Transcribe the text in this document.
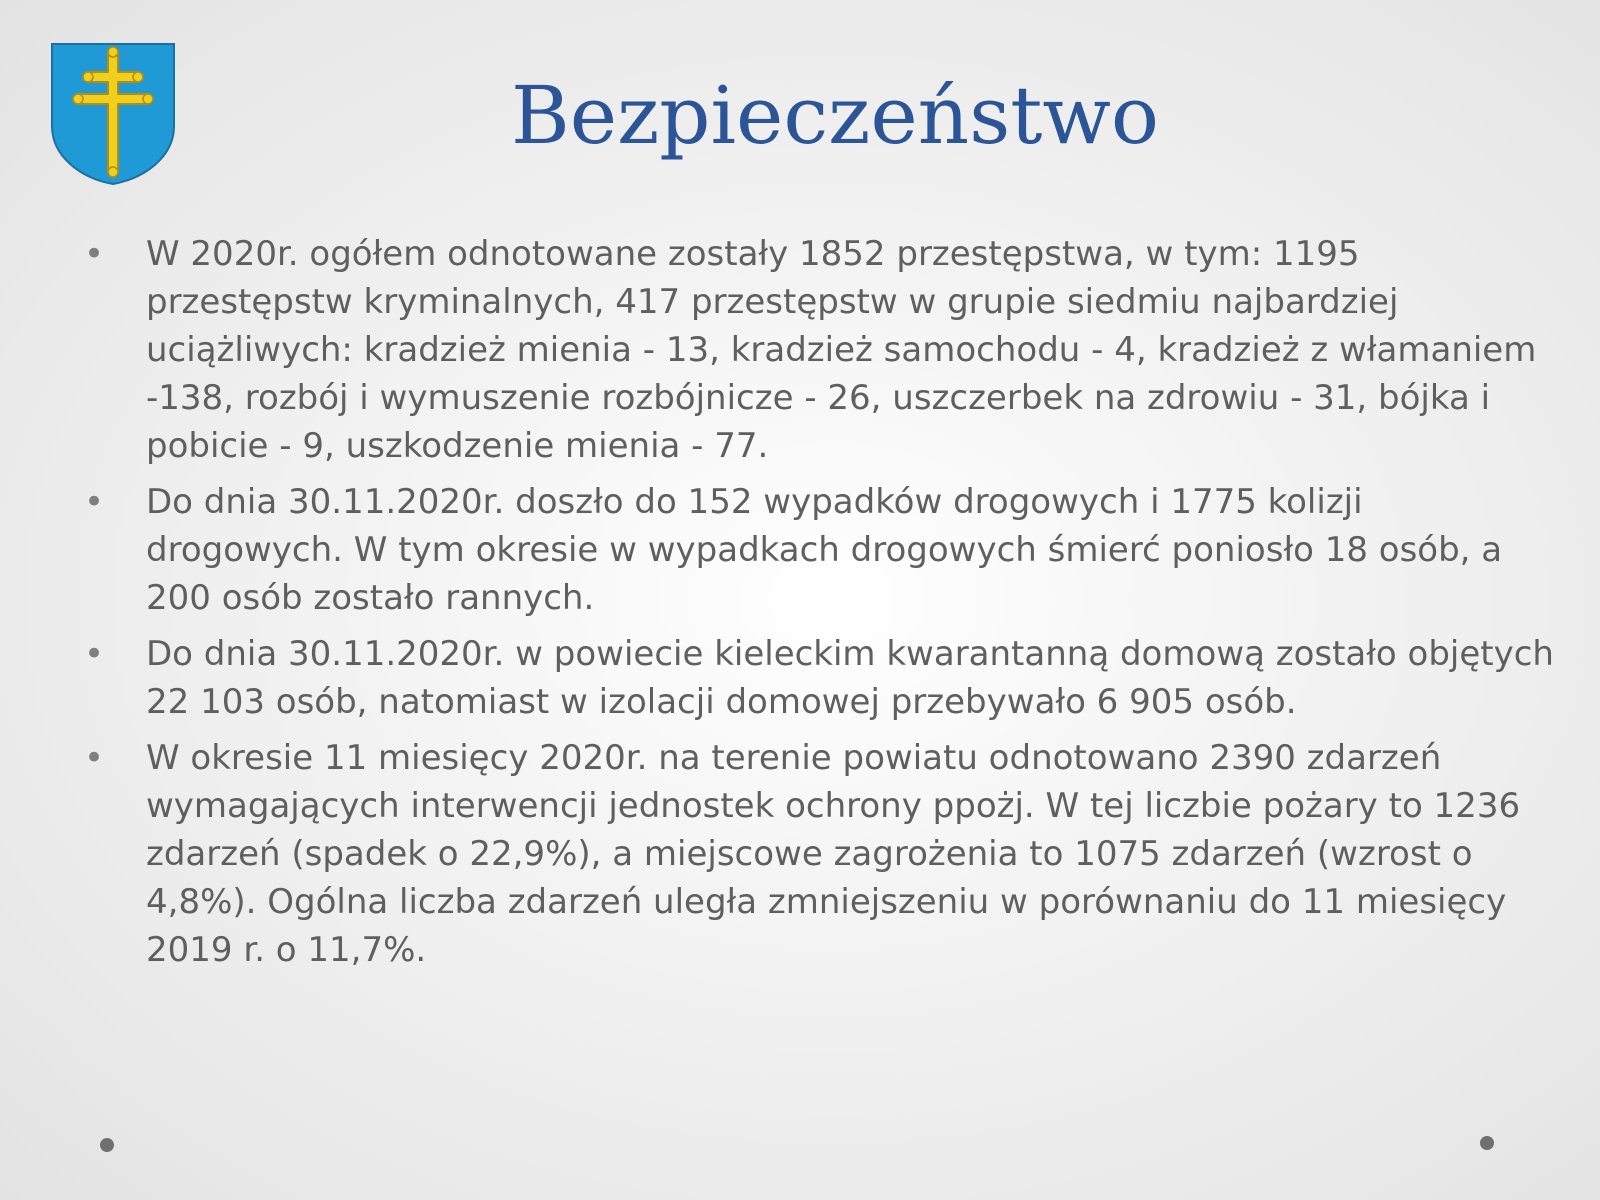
Bezpieczeństwo
• W 2020r. ogółem odnotowane zostały 1852 przestępstwa, w tym: 1195 przestępstw kryminalnych, 417 przestępstw w grupie siedmiu najbardziej uciążliwych: kradzież mienia - 13, kradzież samochodu - 4, kradzież z włamaniem -138, rozbój i wymuszenie rozbójnicze - 26, uszczerbek na zdrowiu - 31, bójka i pobicie - 9, uszkodzenie mienia - 77.
• Do dnia 30.11.2020r. doszło do 152 wypadków drogowych i 1775 kolizji drogowych. W tym okresie w wypadkach drogowych śmierć poniosło 18 osób, a 200 osób zostało rannych.
• Do dnia 30.11.2020r. w powiecie kieleckim kwarantanną domową zostało objętych 22 103 osób, natomiast w izolacji domowej przebywało 6 905 osób.
• W okresie 11 miesięcy 2020r. na terenie powiatu odnotowano 2390 zdarzeń wymagających interwencji jednostek ochrony ppożj. W tej liczbie pożary to 1236 zdarzeń (spadek o 22,9%), a miejscowe zagrożenia to 1075 zdarzeń (wzrost o 4,8%). Ogólna liczba zdarzeń uległa zmniejszeniu w porównaniu do 11 miesięcy 2019 r. o 11,7%.
